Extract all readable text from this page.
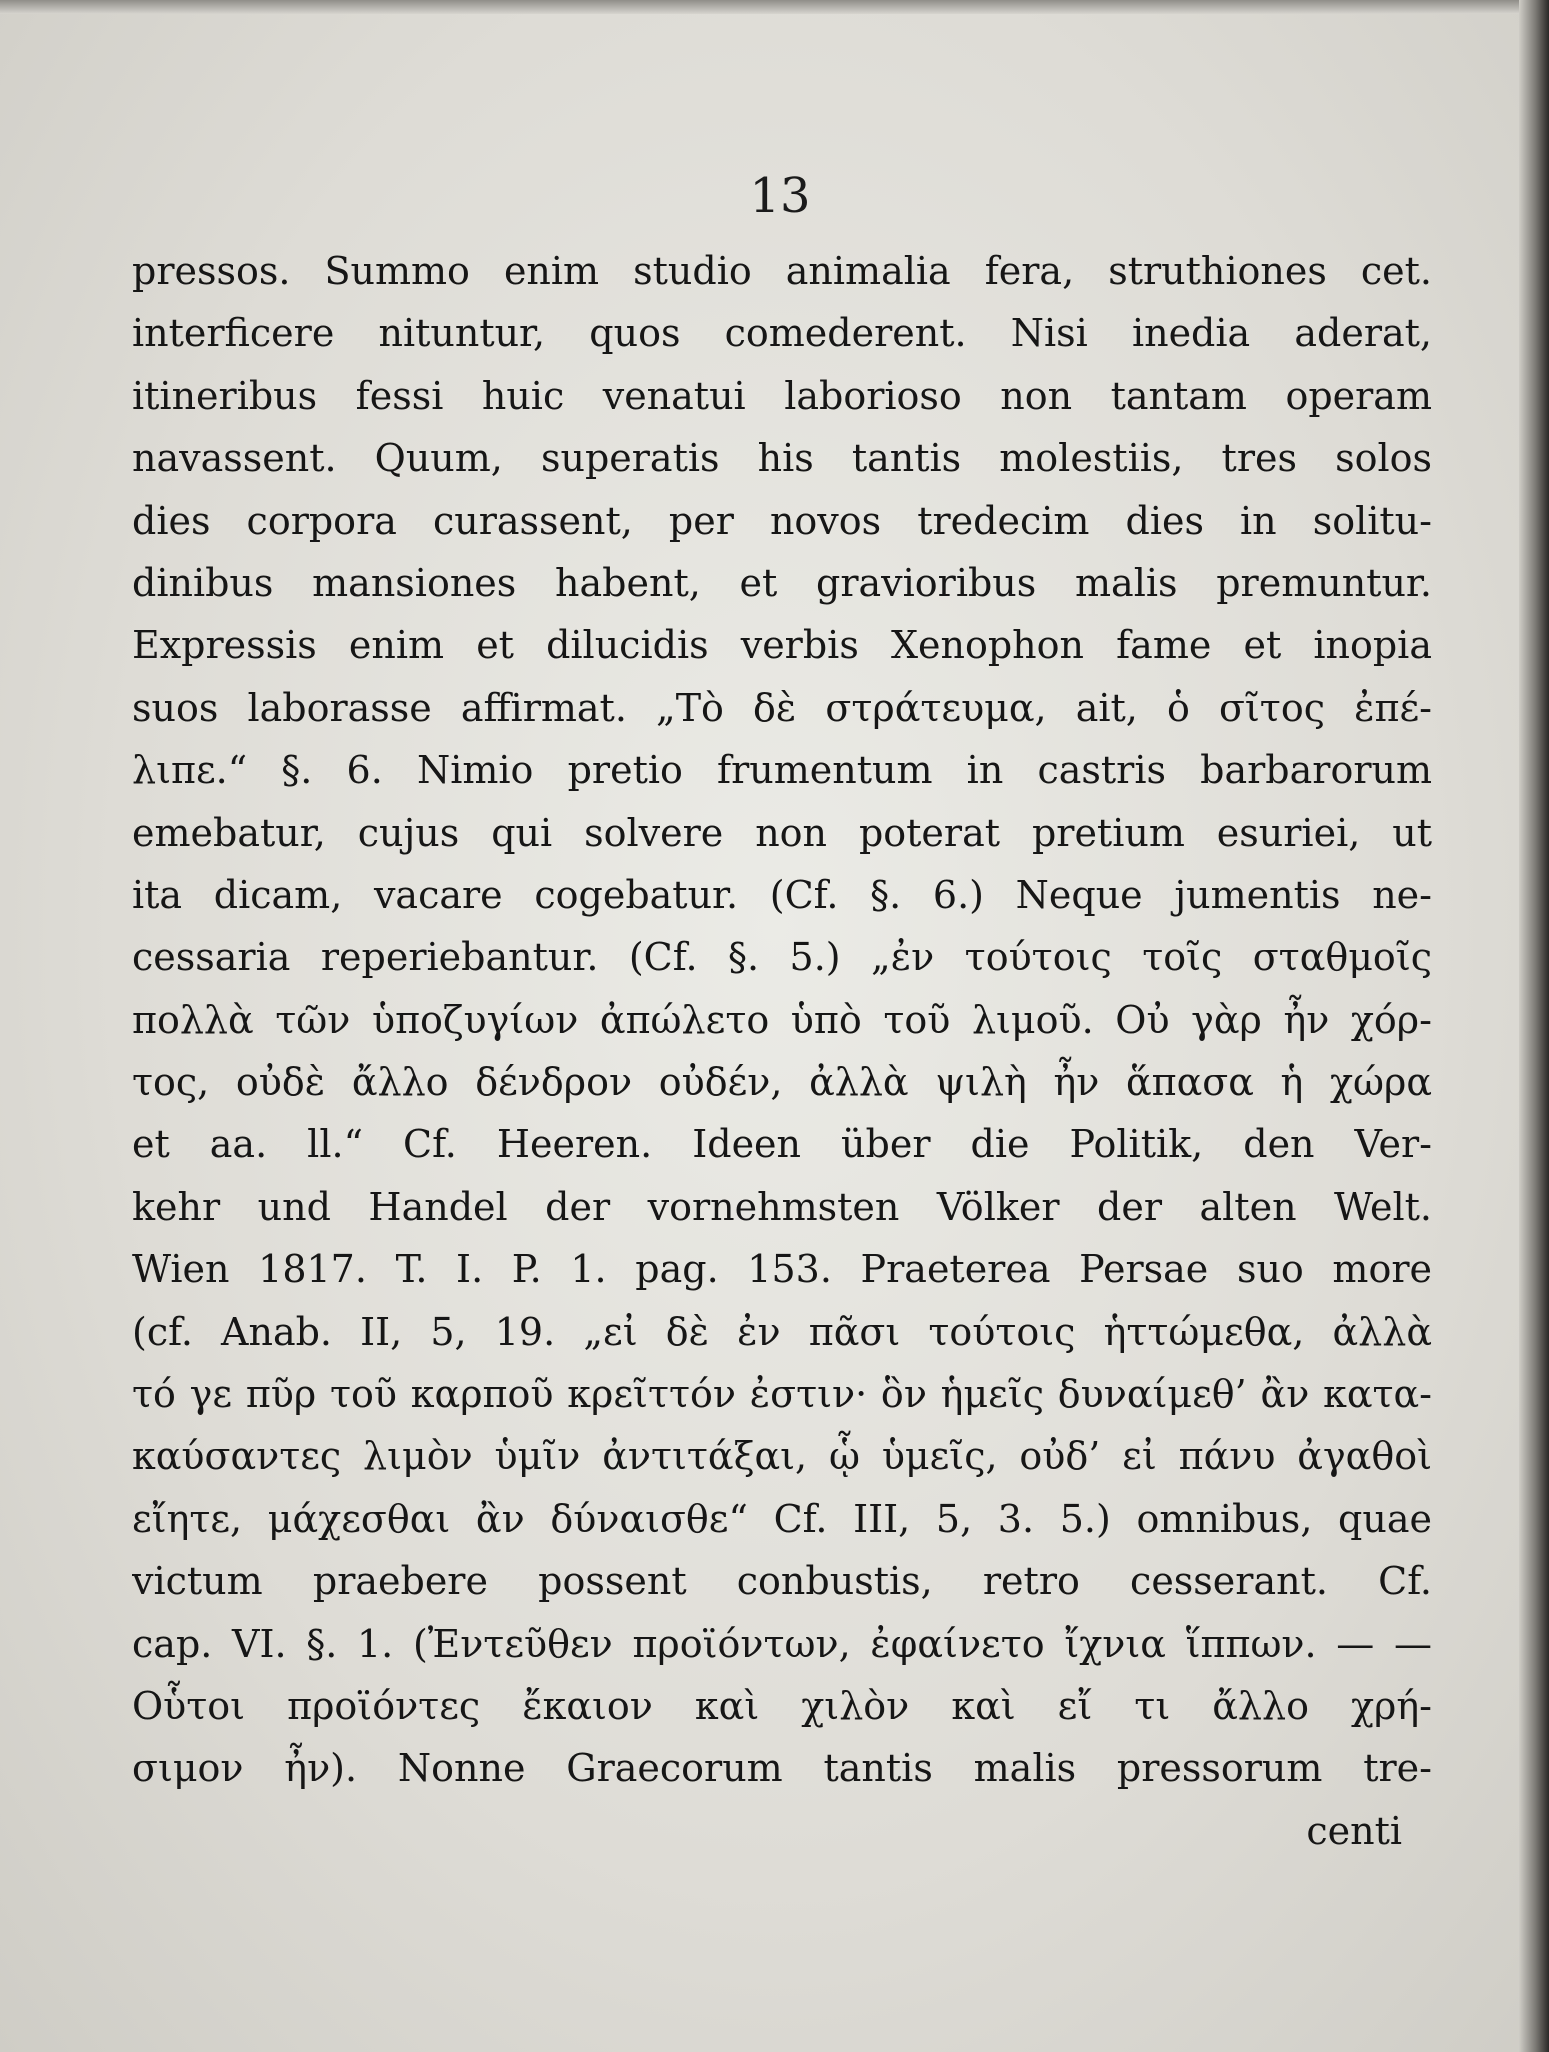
13

pressos. Summo enim studio animalia fera, struthiones cet.
interficere nituntur, quos comederent. Nisi inedia aderat,
itineribus fessi huic venatui laborioso non tantam operam
navassent. Quum, superatis his tantis molestiis, tres solos
dies corpora curassent, per novos tredecim dies in solitu-
dinibus mansiones habent, et gravioribus malis premuntur.
Expressis enim et dilucidis verbis Xenophon fame et inopia
suos laborasse affirmat. „Τὸ δὲ στράτευμα, ait, ὁ σῖτος ἐπέ-
λιπε.“ §. 6. Nimio pretio frumentum in castris barbarorum
emebatur, cujus qui solvere non poterat pretium esuriei, ut
ita dicam, vacare cogebatur. (Cf. §. 6.) Neque jumentis ne-
cessaria reperiebantur. (Cf. §. 5.) „ἐν τούτοις τοῖς σταθμοῖς
πολλὰ τῶν ὑποζυγίων ἀπώλετο ὑπὸ τοῦ λιμοῦ. Οὐ γὰρ ἦν χόρ-
τος, οὐδὲ ἄλλο δένδρον οὐδέν, ἀλλὰ ψιλὴ ἦν ἅπασα ἡ χώρα
et aa. ll.“ Cf. Heeren. Ideen über die Politik, den Ver-
kehr und Handel der vornehmsten Völker der alten Welt.
Wien 1817. T. I. P. 1. pag. 153. Praeterea Persae suo more
(cf. Anab. II, 5, 19. „εἰ δὲ ἐν πᾶσι τούτοις ἡττώμεθα, ἀλλὰ
τό γε πῦρ τοῦ καρποῦ κρεῖττόν ἐστιν· ὃν ἡμεῖς δυναίμεθ’ ἂν κατα-
καύσαντες λιμὸν ὑμῖν ἀντιτάξαι, ᾧ ὑμεῖς, οὐδ’ εἰ πάνυ ἀγαθοὶ
εἴητε, μάχεσθαι ἂν δύναισθε“ Cf. III, 5, 3. 5.) omnibus, quae
victum praebere possent conbustis, retro cesserant. Cf.
cap. VI. §. 1. (Ἐντεῦθεν προϊόντων, ἐφαίνετο ἴχνια ἵππων. — —
Οὗτοι προϊόντες ἔκαιον καὶ χιλὸν καὶ εἴ τι ἄλλο χρή-
σιμον ἦν). Nonne Graecorum tantis malis pressorum tre-
centi
